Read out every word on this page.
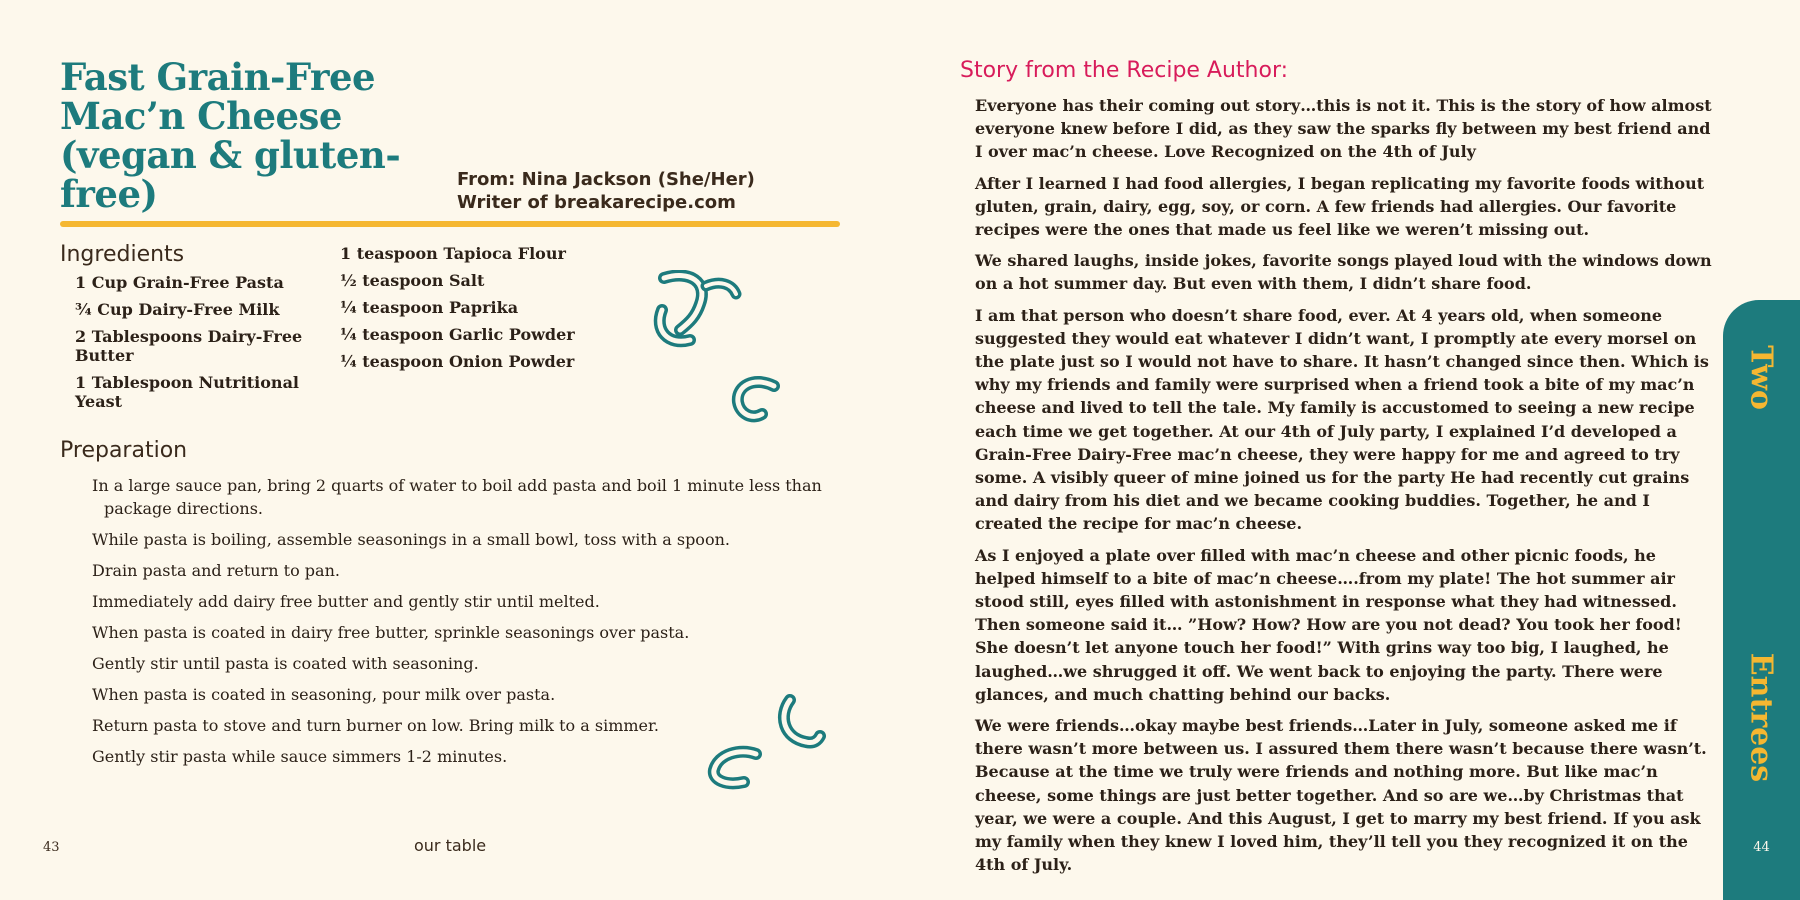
Fast Grain-Free
Mac’n Cheese
(vegan & gluten-
free)	From: Nina Jackson (She/Her)
Writer of breakarecipe.com
Ingredients
1 Cup Grain-Free Pasta
¾ Cup Dairy-Free Milk
2 Tablespoons Dairy-Free Butter
1 Tablespoon Nutritional Yeast
1 teaspoon Tapioca Flour
½ teaspoon Salt
¼ teaspoon Paprika
¼ teaspoon Garlic Powder
¼ teaspoon Onion Powder
Preparation
In a large sauce pan, bring 2 quarts of water to boil add pasta and boil 1 minute less than package directions.
While pasta is boiling, assemble seasonings in a small bowl, toss with a spoon.
Drain pasta and return to pan.
Immediately add dairy free butter and gently stir until melted.
When pasta is coated in dairy free butter, sprinkle seasonings over pasta.
Gently stir until pasta is coated with seasoning.
When pasta is coated in seasoning, pour milk over pasta.
Return pasta to stove and turn burner on low. Bring milk to a simmer.
Gently stir pasta while sauce simmers 1-2 minutes.
43	our table
Story from the Recipe Author:

Everyone has their coming out story…this is not it. This is the story of how almost everyone knew before I did, as they saw the sparks fly between my best friend and I over mac’n cheese. Love Recognized on the 4th of July

After I learned I had food allergies, I began replicating my favorite foods without gluten, grain, dairy, egg, soy, or corn. A few friends had allergies. Our favorite recipes were the ones that made us feel like we weren’t missing out.

We shared laughs, inside jokes, favorite songs played loud with the windows down on a hot summer day. But even with them, I didn’t share food.

I am that person who doesn’t share food, ever. At 4 years old, when someone suggested they would eat whatever I didn’t want, I promptly ate every morsel on the plate just so I would not have to share. It hasn’t changed since then. Which is why my friends and family were surprised when a friend took a bite of my mac’n cheese and lived to tell the tale. My family is accustomed to seeing a new recipe each time we get together. At our 4th of July party, I explained I’d developed a Grain-Free Dairy-Free mac’n cheese, they were happy for me and agreed to try some. A visibly queer of mine joined us for the party He had recently cut grains and dairy from his diet and we became cooking buddies. Together, he and I created the recipe for mac’n cheese.

As I enjoyed a plate over filled with mac’n cheese and other picnic foods, he helped himself to a bite of mac’n cheese….from my plate! The hot summer air stood still, eyes filled with astonishment in response what they had witnessed. Then someone said it… ”How? How? How are you not dead? You took her food! She doesn’t let anyone touch her food!” With grins way too big, I laughed, he laughed…we shrugged it off. We went back to enjoying the party. There were glances, and much chatting behind our backs.

We were friends…okay maybe best friends…Later in July, someone asked me if there wasn’t more between us. I assured them there wasn’t because there wasn’t. Because at the time we truly were friends and nothing more. But like mac’n cheese, some things are just better together. And so are we…by Christmas that year, we were a couple. And this August, I get to marry my best friend. If you ask my family when they knew I loved him, they’ll tell you they recognized it on the 4th of July.

Two
Entrees
44
